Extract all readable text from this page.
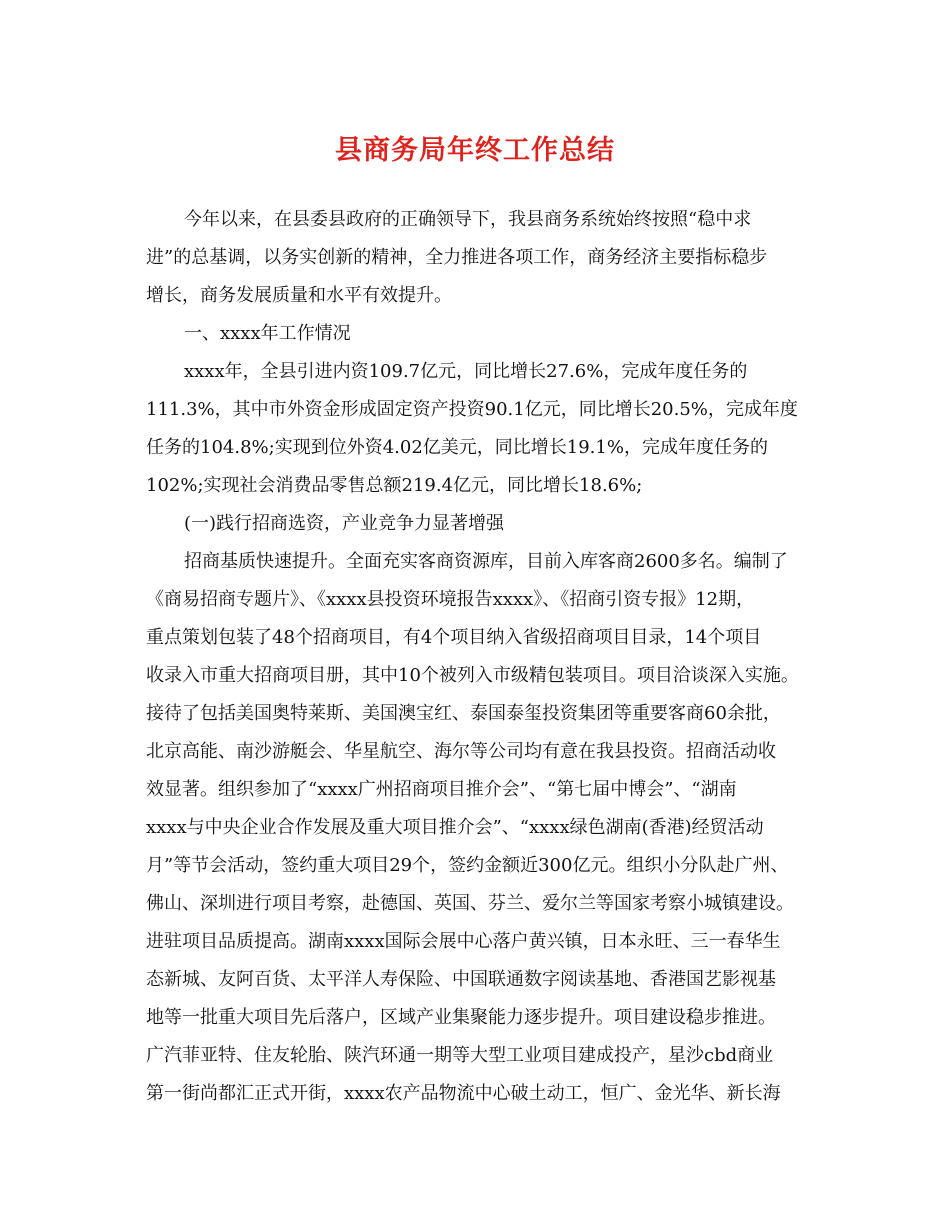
县商务局年终工作总结
今年以来，在县委县政府的正确领导下，我县商务系统始终按照“稳中求
进”的总基调，以务实创新的精神，全力推进各项工作，商务经济主要指标稳步
增长，商务发展质量和水平有效提升。
一、xxxx年工作情况
xxxx年，全县引进内资109.7亿元，同比增长27.6%，完成年度任务的
111.3%，其中市外资金形成固定资产投资90.1亿元，同比增长20.5%，完成年度
任务的104.8%;实现到位外资4.02亿美元，同比增长19.1%，完成年度任务的
102%;实现社会消费品零售总额219.4亿元，同比增长18.6%;
(一)践行招商选资，产业竞争力显著增强
招商基质快速提升。全面充实客商资源库，目前入库客商2600多名。编制了
《商易招商专题片》、《xxxx县投资环境报告xxxx》、《招商引资专报》12期，
重点策划包装了48个招商项目，有4个项目纳入省级招商项目目录，14个项目
收录入市重大招商项目册，其中10个被列入市级精包装项目。项目洽谈深入实施。
接待了包括美国奥特莱斯、美国澳宝红、泰国泰玺投资集团等重要客商60余批，
北京高能、南沙游艇会、华星航空、海尔等公司均有意在我县投资。招商活动收
效显著。组织参加了“xxxx广州招商项目推介会”、“第七届中博会”、“湖南
xxxx与中央企业合作发展及重大项目推介会”、“xxxx绿色湖南(香港)经贸活动
月”等节会活动，签约重大项目29个，签约金额近300亿元。组织小分队赴广州、
佛山、深圳进行项目考察，赴德国、英国、芬兰、爱尔兰等国家考察小城镇建设。
进驻项目品质提高。湖南xxxx国际会展中心落户黄兴镇，日本永旺、三一春华生
态新城、友阿百货、太平洋人寿保险、中国联通数字阅读基地、香港国艺影视基
地等一批重大项目先后落户，区域产业集聚能力逐步提升。项目建设稳步推进。
广汽菲亚特、住友轮胎、陕汽环通一期等大型工业项目建成投产，星沙cbd商业
第一街尚都汇正式开街，xxxx农产品物流中心破土动工，恒广、金光华、新长海
